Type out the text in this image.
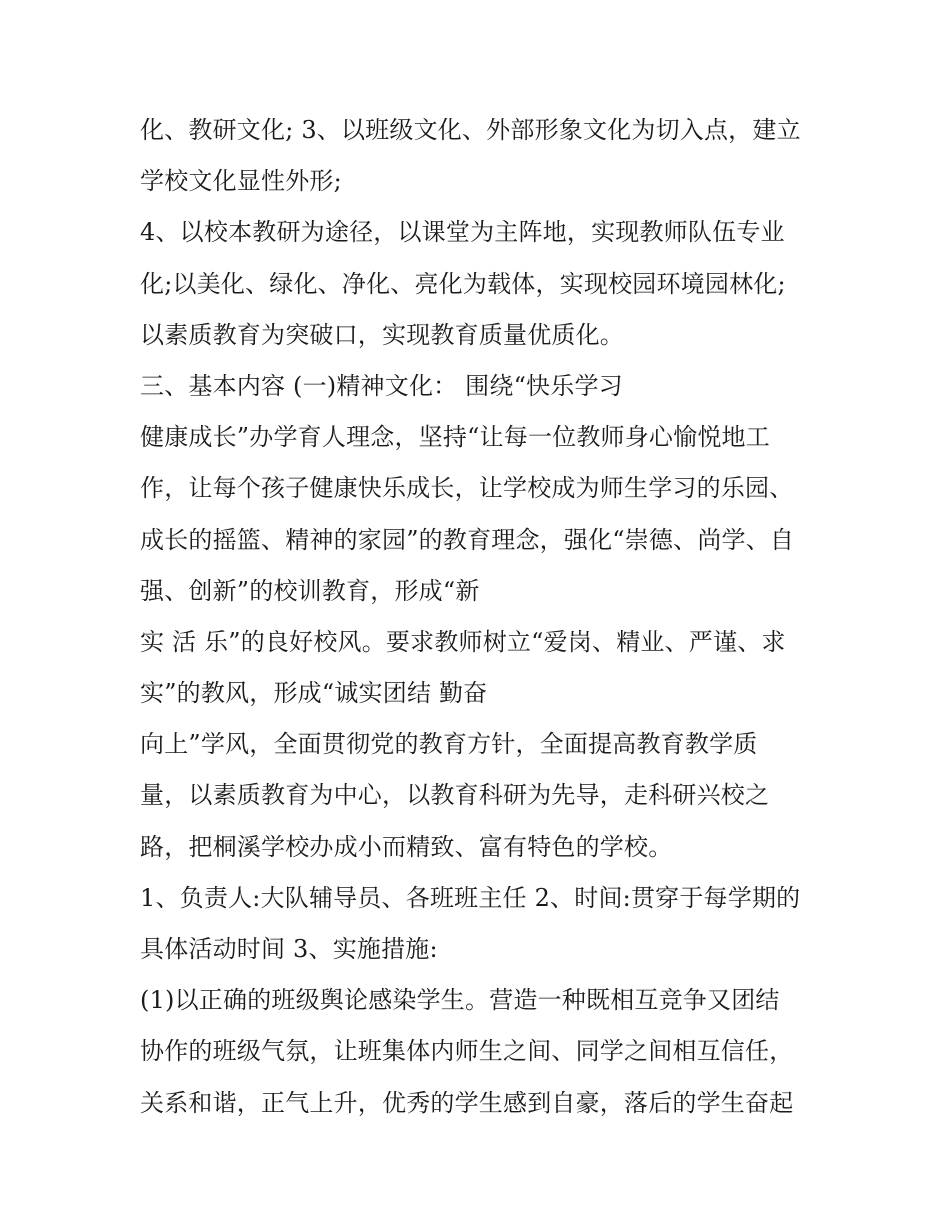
化、教研文化; 3、以班级文化、外部形象文化为切入点，建立
学校文化显性外形;
4、以校本教研为途径，以课堂为主阵地，实现教师队伍专业
化;以美化、绿化、净化、亮化为载体，实现校园环境园林化;
以素质教育为突破口，实现教育质量优质化。
三、基本内容 (一)精神文化： 围绕“快乐学习
健康成长”办学育人理念，坚持“让每一位教师身心愉悦地工
作，让每个孩子健康快乐成长，让学校成为师生学习的乐园、
成长的摇篮、精神的家园”的教育理念，强化“崇德、尚学、自
强、创新”的校训教育，形成“新
实 活 乐”的良好校风。要求教师树立“爱岗、精业、严谨、求
实”的教风，形成“诚实团结 勤奋
向上”学风，全面贯彻党的教育方针，全面提高教育教学质
量，以素质教育为中心，以教育科研为先导，走科研兴校之
路，把桐溪学校办成小而精致、富有特色的学校。
1、负责人:大队辅导员、各班班主任 2、时间:贯穿于每学期的
具体活动时间 3、实施措施:
(1)以正确的班级舆论感染学生。营造一种既相互竞争又团结
协作的班级气氛，让班集体内师生之间、同学之间相互信任，
关系和谐，正气上升，优秀的学生感到自豪，落后的学生奋起
